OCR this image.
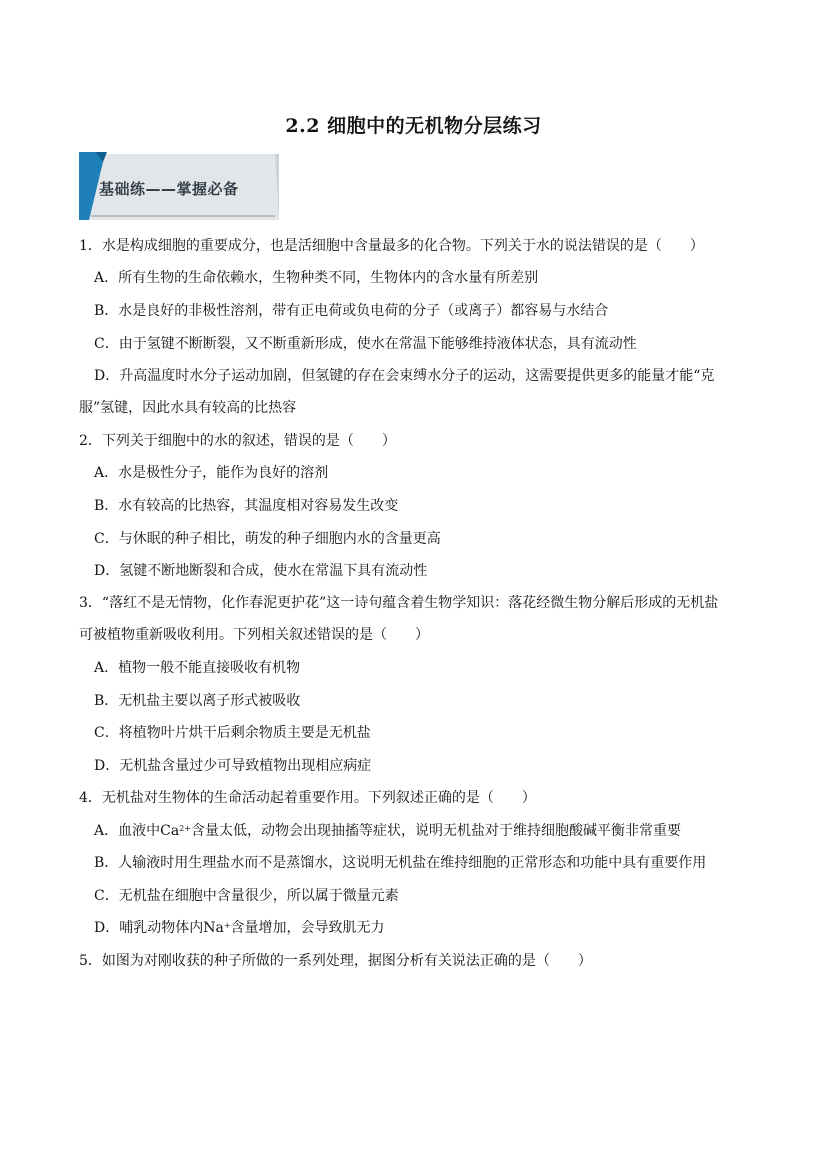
2.2 细胞中的无机物分层练习
基础练——掌握必备
1．水是构成细胞的重要成分，也是活细胞中含量最多的化合物。下列关于水的说法错误的是（　　）
A．所有生物的生命依赖水，生物种类不同，生物体内的含水量有所差别
B．水是良好的非极性溶剂，带有正电荷或负电荷的分子（或离子）都容易与水结合
C．由于氢键不断断裂，又不断重新形成，使水在常温下能够维持液体状态，具有流动性
D．升高温度时水分子运动加剧，但氢键的存在会束缚水分子的运动，这需要提供更多的能量才能“克
服”氢键，因此水具有较高的比热容
2．下列关于细胞中的水的叙述，错误的是（　　）
A．水是极性分子，能作为良好的溶剂
B．水有较高的比热容，其温度相对容易发生改变
C．与休眠的种子相比，萌发的种子细胞内水的含量更高
D．氢键不断地断裂和合成，使水在常温下具有流动性
3．“落红不是无情物，化作春泥更护花”这一诗句蕴含着生物学知识：落花经微生物分解后形成的无机盐
可被植物重新吸收利用。下列相关叙述错误的是（　　）
A．植物一般不能直接吸收有机物
B．无机盐主要以离子形式被吸收
C．将植物叶片烘干后剩余物质主要是无机盐
D．无机盐含量过少可导致植物出现相应病症
4．无机盐对生物体的生命活动起着重要作用。下列叙述正确的是（　　）
A．血液中$Ca^{2+}$含量太低，动物会出现抽搐等症状，说明无机盐对于维持细胞酸碱平衡非常重要
B．人输液时用生理盐水而不是蒸馏水，这说明无机盐在维持细胞的正常形态和功能中具有重要作用
C．无机盐在细胞中含量很少，所以属于微量元素
D．哺乳动物体内Na+含量增加，会导致肌无力
5．如图为对刚收获的种子所做的一系列处理，据图分析有关说法正确的是（　　）
